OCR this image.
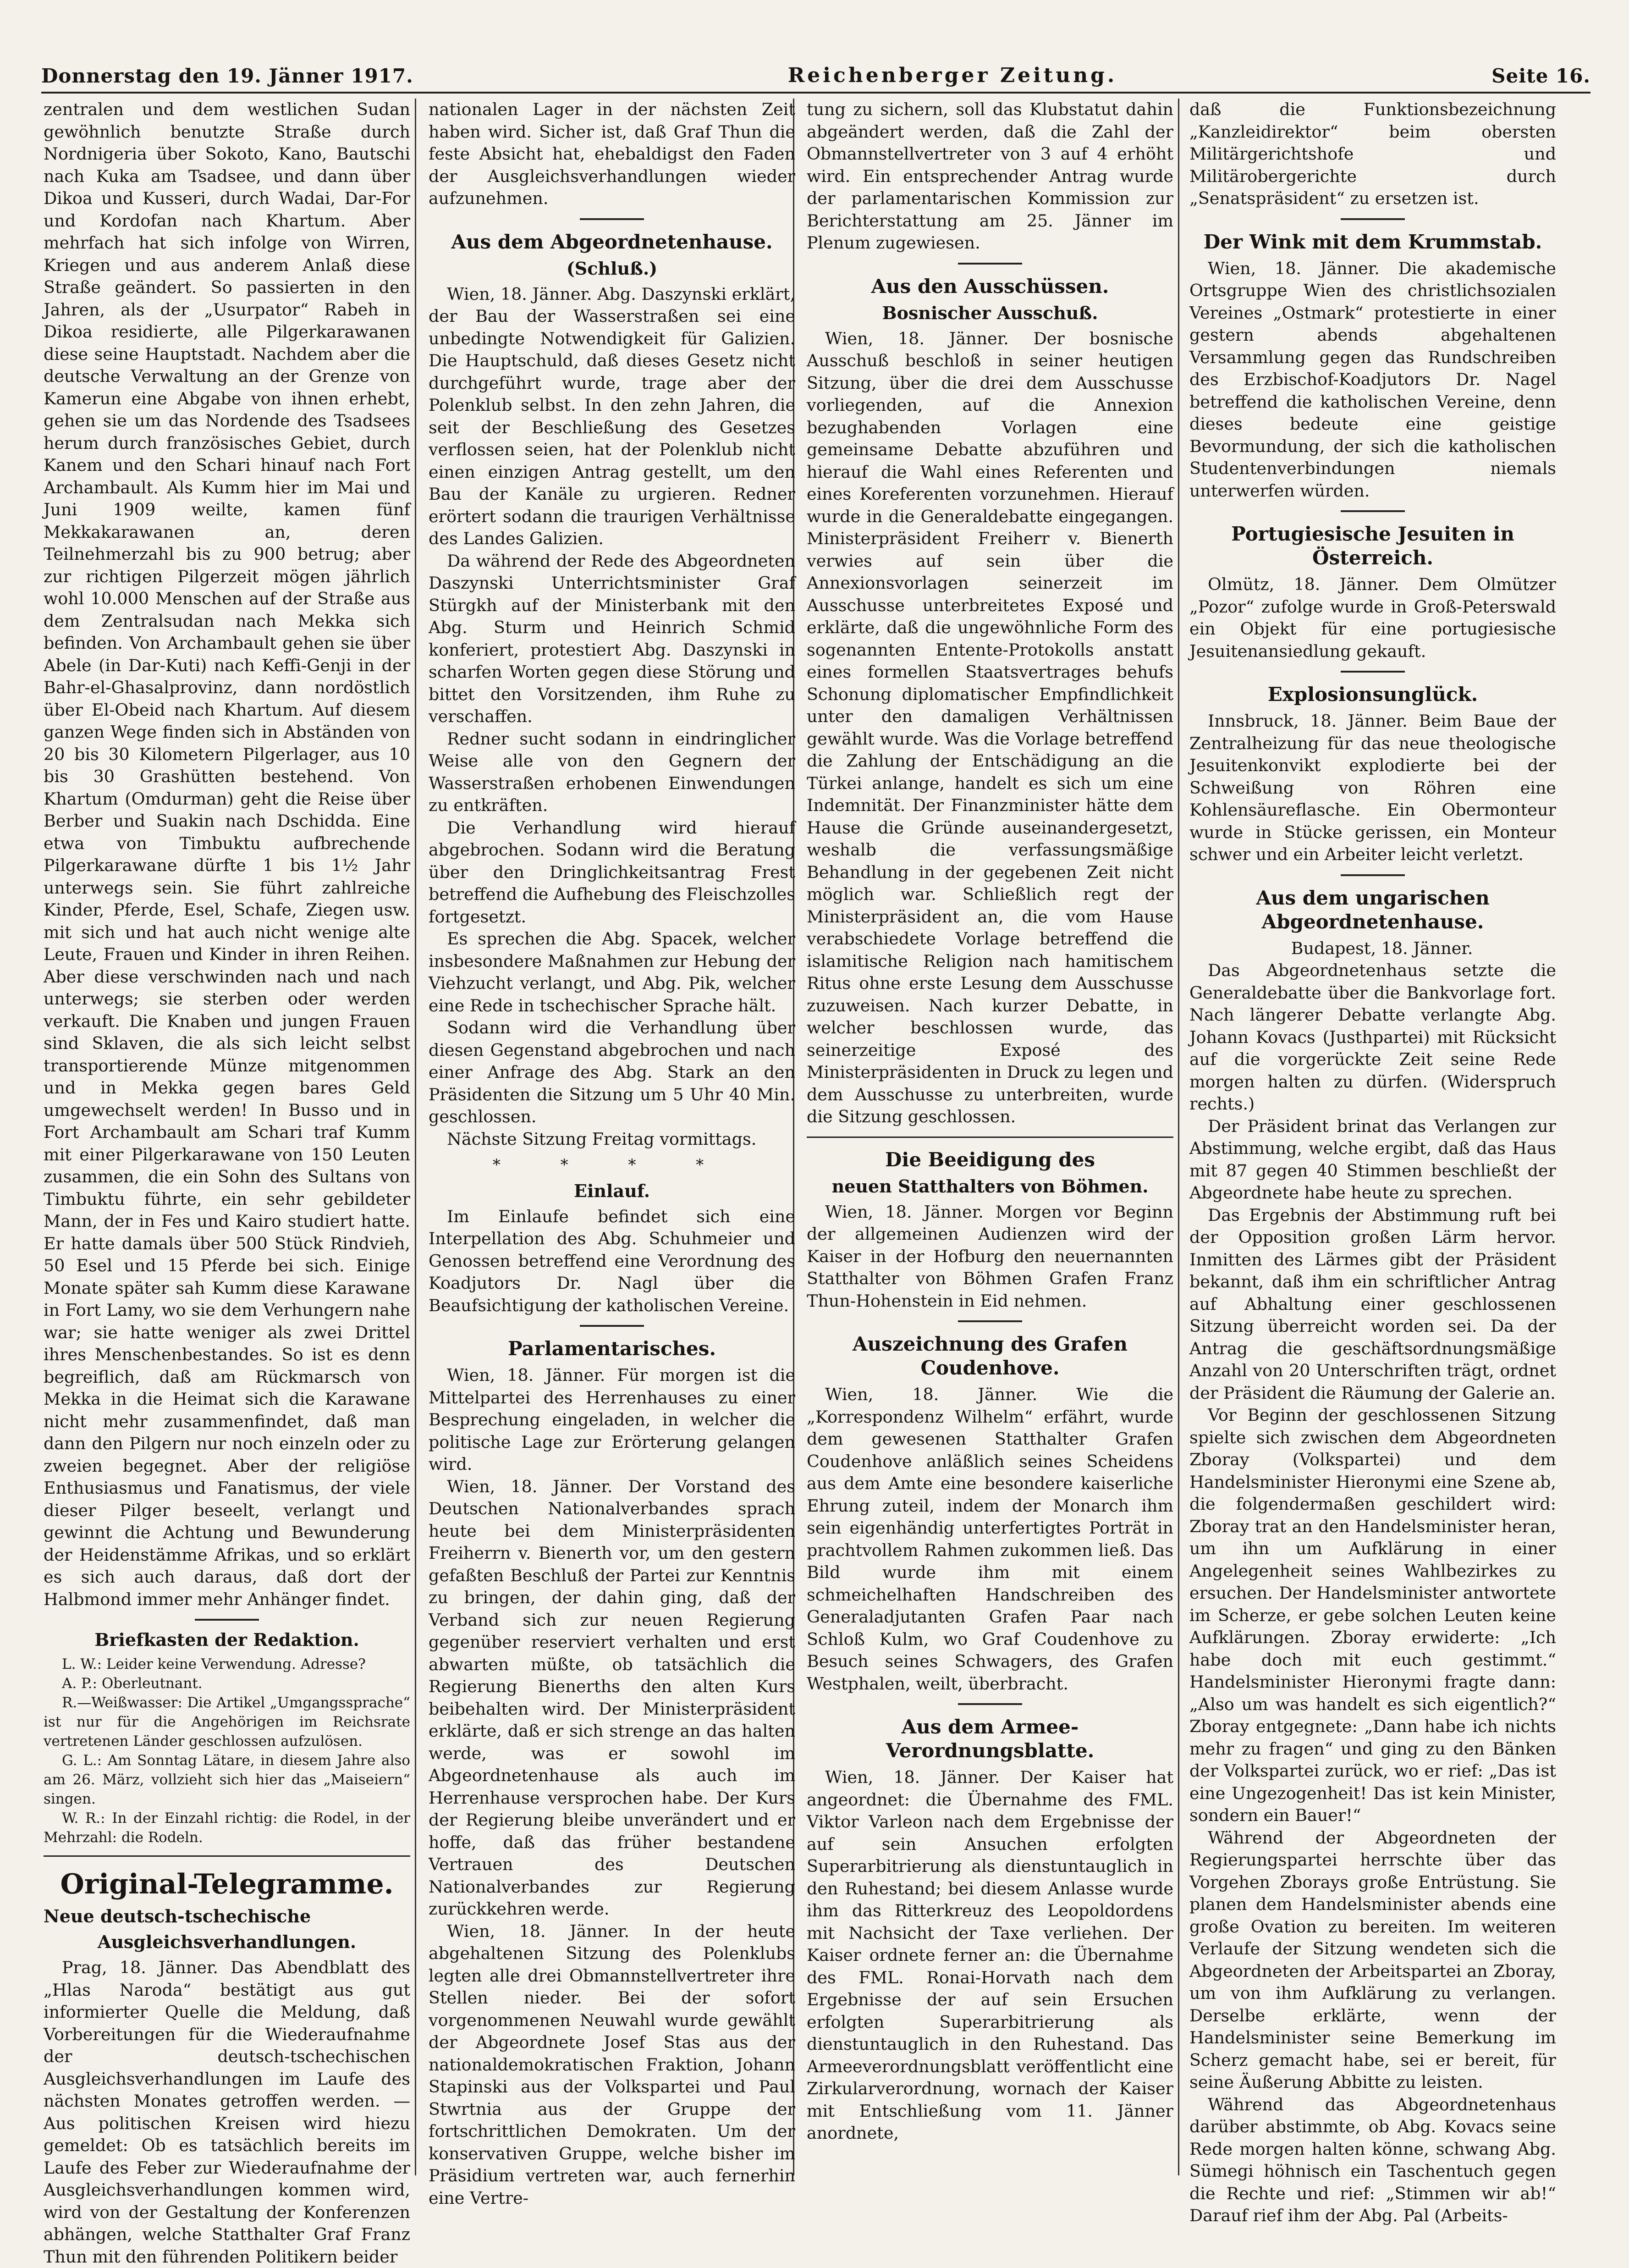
Donnerstag den 19. Jänner 1917.	Reichenberger Zeitung.	Seite 16.

zentralen und dem westlichen Sudan gewöhnlich benutzte Straße durch Nordnigeria über Sokoto, Kano, Bautschi nach Kuka am Tsadsee, und dann über Dikoa und Kusseri, durch Wadai, Dar-For und Kordofan nach Khartum. Aber mehrfach hat sich infolge von Wirren, Kriegen und aus anderem Anlaß diese Straße geändert. So passierten in den Jahren, als der „Usurpator“ Rabeh in Dikoa residierte, alle Pilgerkarawanen diese seine Hauptstadt. Nachdem aber die deutsche Verwaltung an der Grenze von Kamerun eine Abgabe von ihnen erhebt, gehen sie um das Nordende des Tsadsees herum durch französisches Gebiet, durch Kanem und den Schari hinauf nach Fort Archambault. Als Kumm hier im Mai und Juni 1909 weilte, kamen fünf Mekkakarawanen an, deren Teilnehmerzahl bis zu 900 betrug; aber zur richtigen Pilgerzeit mögen jährlich wohl 10.000 Menschen auf der Straße aus dem Zentralsudan nach Mekka sich befinden. Von Archambault gehen sie über Abele (in Dar-Kuti) nach Keffi-Genji in der Bahr-el-Ghasalprovinz, dann nordöstlich über El-Obeid nach Khartum. Auf diesem ganzen Wege finden sich in Abständen von 20 bis 30 Kilometern Pilgerlager, aus 10 bis 30 Grashütten bestehend. Von Khartum (Omdurman) geht die Reise über Berber und Suakin nach Dschidda. Eine etwa von Timbuktu aufbrechende Pilgerkarawane dürfte 1 bis 1½ Jahr unterwegs sein. Sie führt zahlreiche Kinder, Pferde, Esel, Schafe, Ziegen usw. mit sich und hat auch nicht wenige alte Leute, Frauen und Kinder in ihren Reihen. Aber diese verschwinden nach und nach unterwegs; sie sterben oder werden verkauft. Die Knaben und jungen Frauen sind Sklaven, die als sich leicht selbst transportierende Münze mitgenommen und in Mekka gegen bares Geld umgewechselt werden! In Busso und in Fort Archambault am Schari traf Kumm mit einer Pilgerkarawane von 150 Leuten zusammen, die ein Sohn des Sultans von Timbuktu führte, ein sehr gebildeter Mann, der in Fes und Kairo studiert hatte. Er hatte damals über 500 Stück Rindvieh, 50 Esel und 15 Pferde bei sich. Einige Monate später sah Kumm diese Karawane in Fort Lamy, wo sie dem Verhungern nahe war; sie hatte weniger als zwei Drittel ihres Menschenbestandes. So ist es denn begreiflich, daß am Rückmarsch von Mekka in die Heimat sich die Karawane nicht mehr zusammenfindet, daß man dann den Pilgern nur noch einzeln oder zu zweien begegnet. Aber der religiöse Enthusiasmus und Fanatismus, der viele dieser Pilger beseelt, verlangt und gewinnt die Achtung und Bewunderung der Heidenstämme Afrikas, und so erklärt es sich auch daraus, daß dort der Halbmond immer mehr Anhänger findet.

Briefkasten der Redaktion.

L. W.: Leider keine Verwendung. Adresse?

A. P.: Oberleutnant.

R.—Weißwasser: Die Artikel „Umgangssprache“ ist nur für die Angehörigen im Reichsrate vertretenen Länder geschlossen aufzulösen.

G. L.: Am Sonntag Lätare, in diesem Jahre also am 26. März, vollzieht sich hier das „Maiseiern“ singen.

W. R.: In der Einzahl richtig: die Rodel, in der Mehrzahl: die Rodeln.

Original-Telegramme.
Neue deutsch-tschechische
Ausgleichsverhandlungen.

Prag, 18. Jänner. Das Abendblatt des „Hlas Naroda“ bestätigt aus gut informierter Quelle die Meldung, daß Vorbereitungen für die Wiederaufnahme der deutsch-tschechischen Ausgleichsverhandlungen im Laufe des nächsten Monates getroffen werden. — Aus politischen Kreisen wird hiezu gemeldet: Ob es tatsächlich bereits im Laufe des Feber zur Wiederaufnahme der Ausgleichsverhandlungen kommen wird, wird von der Gestaltung der Konferenzen abhängen, welche Statthalter Graf Franz Thun mit den führenden Politikern beider

nationalen Lager in der nächsten Zeit haben wird. Sicher ist, daß Graf Thun die feste Absicht hat, ehebaldigst den Faden der Ausgleichsverhandlungen wieder aufzunehmen.

Aus dem Abgeordnetenhause.
(Schluß.)

Wien, 18. Jänner. Abg. Daszynski erklärt, der Bau der Wasserstraßen sei eine unbedingte Notwendigkeit für Galizien. Die Hauptschuld, daß dieses Gesetz nicht durchgeführt wurde, trage aber der Polenklub selbst. In den zehn Jahren, die seit der Beschließung des Gesetzes verflossen seien, hat der Polenklub nicht einen einzigen Antrag gestellt, um den Bau der Kanäle zu urgieren. Redner erörtert sodann die traurigen Verhältnisse des Landes Galizien.

Da während der Rede des Abgeordneten Daszynski Unterrichtsminister Graf Stürgkh auf der Ministerbank mit den Abg. Sturm und Heinrich Schmid konferiert, protestiert Abg. Daszynski in scharfen Worten gegen diese Störung und bittet den Vorsitzenden, ihm Ruhe zu verschaffen.

Redner sucht sodann in eindringlicher Weise alle von den Gegnern der Wasserstraßen erhobenen Einwendungen zu entkräften.

Die Verhandlung wird hierauf abgebrochen. Sodann wird die Beratung über den Dringlichkeitsantrag Frest betreffend die Aufhebung des Fleischzolles fortgesetzt.

Es sprechen die Abg. Spacek, welcher insbesondere Maßnahmen zur Hebung der Viehzucht verlangt, und Abg. Pik, welcher eine Rede in tschechischer Sprache hält.

Sodann wird die Verhandlung über diesen Gegenstand abgebrochen und nach einer Anfrage des Abg. Stark an den Präsidenten die Sitzung um 5 Uhr 40 Min. geschlossen.

Nächste Sitzung Freitag vormittags.

* * * *
Einlauf.

Im Einlaufe befindet sich eine Interpellation des Abg. Schuhmeier und Genossen betreffend eine Verordnung des Koadjutors Dr. Nagl über die Beaufsichtigung der katholischen Vereine.

Parlamentarisches.

Wien, 18. Jänner. Für morgen ist die Mittelpartei des Herrenhauses zu einer Besprechung eingeladen, in welcher die politische Lage zur Erörterung gelangen wird.

Wien, 18. Jänner. Der Vorstand des Deutschen Nationalverbandes sprach heute bei dem Ministerpräsidenten Freiherrn v. Bienerth vor, um den gestern gefaßten Beschluß der Partei zur Kenntnis zu bringen, der dahin ging, daß der Verband sich zur neuen Regierung gegenüber reserviert verhalten und erst abwarten müßte, ob tatsächlich die Regierung Bienerths den alten Kurs beibehalten wird. Der Ministerpräsident erklärte, daß er sich strenge an das halten werde, was er sowohl im Abgeordnetenhause als auch im Herrenhause versprochen habe. Der Kurs der Regierung bleibe unverändert und er hoffe, daß das früher bestandene Vertrauen des Deutschen Nationalverbandes zur Regierung zurückkehren werde.

Wien, 18. Jänner. In der heute abgehaltenen Sitzung des Polenklubs legten alle drei Obmannstellvertreter ihre Stellen nieder. Bei der sofort vorgenommenen Neuwahl wurde gewählt der Abgeordnete Josef Stas aus der nationaldemokratischen Fraktion, Johann Stapinski aus der Volkspartei und Paul Stwrtnia aus der Gruppe der fortschrittlichen Demokraten. Um der konservativen Gruppe, welche bisher im Präsidium vertreten war, auch fernerhin eine Vertre-

tung zu sichern, soll das Klubstatut dahin abgeändert werden, daß die Zahl der Obmannstellvertreter von 3 auf 4 erhöht wird. Ein entsprechender Antrag wurde der parlamentarischen Kommission zur Berichterstattung am 25. Jänner im Plenum zugewiesen.

Aus den Ausschüssen.
Bosnischer Ausschuß.

Wien, 18. Jänner. Der bosnische Ausschuß beschloß in seiner heutigen Sitzung, über die drei dem Ausschusse vorliegenden, auf die Annexion bezughabenden Vorlagen eine gemeinsame Debatte abzuführen und hierauf die Wahl eines Referenten und eines Koreferenten vorzunehmen. Hierauf wurde in die Generaldebatte eingegangen. Ministerpräsident Freiherr v. Bienerth verwies auf sein über die Annexionsvorlagen seinerzeit im Ausschusse unterbreitetes Exposé und erklärte, daß die ungewöhnliche Form des sogenannten Entente-Protokolls anstatt eines formellen Staatsvertrages behufs Schonung diplomatischer Empfindlichkeit unter den damaligen Verhältnissen gewählt wurde. Was die Vorlage betreffend die Zahlung der Entschädigung an die Türkei anlange, handelt es sich um eine Indemnität. Der Finanzminister hätte dem Hause die Gründe auseinandergesetzt, weshalb die verfassungsmäßige Behandlung in der gegebenen Zeit nicht möglich war. Schließlich regt der Ministerpräsident an, die vom Hause verabschiedete Vorlage betreffend die islamitische Religion nach hamitischem Ritus ohne erste Lesung dem Ausschusse zuzuweisen. Nach kurzer Debatte, in welcher beschlossen wurde, das seinerzeitige Exposé des Ministerpräsidenten in Druck zu legen und dem Ausschusse zu unterbreiten, wurde die Sitzung geschlossen.

Die Beeidigung des
neuen Statthalters von Böhmen.

Wien, 18. Jänner. Morgen vor Beginn der allgemeinen Audienzen wird der Kaiser in der Hofburg den neuernannten Statthalter von Böhmen Grafen Franz Thun-Hohenstein in Eid nehmen.

Auszeichnung des Grafen Coudenhove.

Wien, 18. Jänner. Wie die „Korrespondenz Wilhelm“ erfährt, wurde dem gewesenen Statthalter Grafen Coudenhove anläßlich seines Scheidens aus dem Amte eine besondere kaiserliche Ehrung zuteil, indem der Monarch ihm sein eigenhändig unterfertigtes Porträt in prachtvollem Rahmen zukommen ließ. Das Bild wurde ihm mit einem schmeichelhaften Handschreiben des Generaladjutanten Grafen Paar nach Schloß Kulm, wo Graf Coudenhove zu Besuch seines Schwagers, des Grafen Westphalen, weilt, überbracht.

Aus dem Armee-Verordnungsblatte.

Wien, 18. Jänner. Der Kaiser hat angeordnet: die Übernahme des FML. Viktor Varleon nach dem Ergebnisse der auf sein Ansuchen erfolgten Superarbitrierung als dienstuntauglich in den Ruhestand; bei diesem Anlasse wurde ihm das Ritterkreuz des Leopoldordens mit Nachsicht der Taxe verliehen. Der Kaiser ordnete ferner an: die Übernahme des FML. Ronai-Horvath nach dem Ergebnisse der auf sein Ersuchen erfolgten Superarbitrierung als dienstuntauglich in den Ruhestand. Das Armeeverordnungsblatt veröffentlicht eine Zirkularverordnung, wornach der Kaiser mit Entschließung vom 11. Jänner anordnete,

daß die Funktionsbezeichnung „Kanzleidirektor“ beim obersten Militärgerichtshofe und Militärobergerichte durch „Senatspräsident“ zu ersetzen ist.

Der Wink mit dem Krummstab.

Wien, 18. Jänner. Die akademische Ortsgruppe Wien des christlichsozialen Vereines „Ostmark“ protestierte in einer gestern abends abgehaltenen Versammlung gegen das Rundschreiben des Erzbischof-Koadjutors Dr. Nagel betreffend die katholischen Vereine, denn dieses bedeute eine geistige Bevormundung, der sich die katholischen Studentenverbindungen niemals unterwerfen würden.

Portugiesische Jesuiten in Österreich.

Olmütz, 18. Jänner. Dem Olmützer „Pozor“ zufolge wurde in Groß-Peterswald ein Objekt für eine portugiesische Jesuitenansiedlung gekauft.

Explosionsunglück.

Innsbruck, 18. Jänner. Beim Baue der Zentralheizung für das neue theologische Jesuitenkonvikt explodierte bei der Schweißung von Röhren eine Kohlensäureflasche. Ein Obermonteur wurde in Stücke gerissen, ein Monteur schwer und ein Arbeiter leicht verletzt.

Aus dem ungarischen Abgeordnetenhause.

Budapest, 18. Jänner.

Das Abgeordnetenhaus setzte die Generaldebatte über die Bankvorlage fort. Nach längerer Debatte verlangte Abg. Johann Kovacs (Justhpartei) mit Rücksicht auf die vorgerückte Zeit seine Rede morgen halten zu dürfen. (Widerspruch rechts.)

Der Präsident brinat das Verlangen zur Abstimmung, welche ergibt, daß das Haus mit 87 gegen 40 Stimmen beschließt der Abgeordnete habe heute zu sprechen.

Das Ergebnis der Abstimmung ruft bei der Opposition großen Lärm hervor. Inmitten des Lärmes gibt der Präsident bekannt, daß ihm ein schriftlicher Antrag auf Abhaltung einer geschlossenen Sitzung überreicht worden sei. Da der Antrag die geschäftsordnungsmäßige Anzahl von 20 Unterschriften trägt, ordnet der Präsident die Räumung der Galerie an.

Vor Beginn der geschlossenen Sitzung spielte sich zwischen dem Abgeordneten Zboray (Volkspartei) und dem Handelsminister Hieronymi eine Szene ab, die folgendermaßen geschildert wird: Zboray trat an den Handelsminister heran, um ihn um Aufklärung in einer Angelegenheit seines Wahlbezirkes zu ersuchen. Der Handelsminister antwortete im Scherze, er gebe solchen Leuten keine Aufklärungen. Zboray erwiderte: „Ich habe doch mit euch gestimmt.“ Handelsminister Hieronymi fragte dann: „Also um was handelt es sich eigentlich?“ Zboray entgegnete: „Dann habe ich nichts mehr zu fragen“ und ging zu den Bänken der Volkspartei zurück, wo er rief: „Das ist eine Ungezogenheit! Das ist kein Minister, sondern ein Bauer!“

Während der Abgeordneten der Regierungspartei herrschte über das Vorgehen Zborays große Entrüstung. Sie planen dem Handelsminister abends eine große Ovation zu bereiten. Im weiteren Verlaufe der Sitzung wendeten sich die Abgeordneten der Arbeitspartei an Zboray, um von ihm Aufklärung zu verlangen. Derselbe erklärte, wenn der Handelsminister seine Bemerkung im Scherz gemacht habe, sei er bereit, für seine Äußerung Abbitte zu leisten.

Während das Abgeordnetenhaus darüber abstimmte, ob Abg. Kovacs seine Rede morgen halten könne, schwang Abg. Sümegi höhnisch ein Taschentuch gegen die Rechte und rief: „Stimmen wir ab!“ Darauf rief ihm der Abg. Pal (Arbeits-
